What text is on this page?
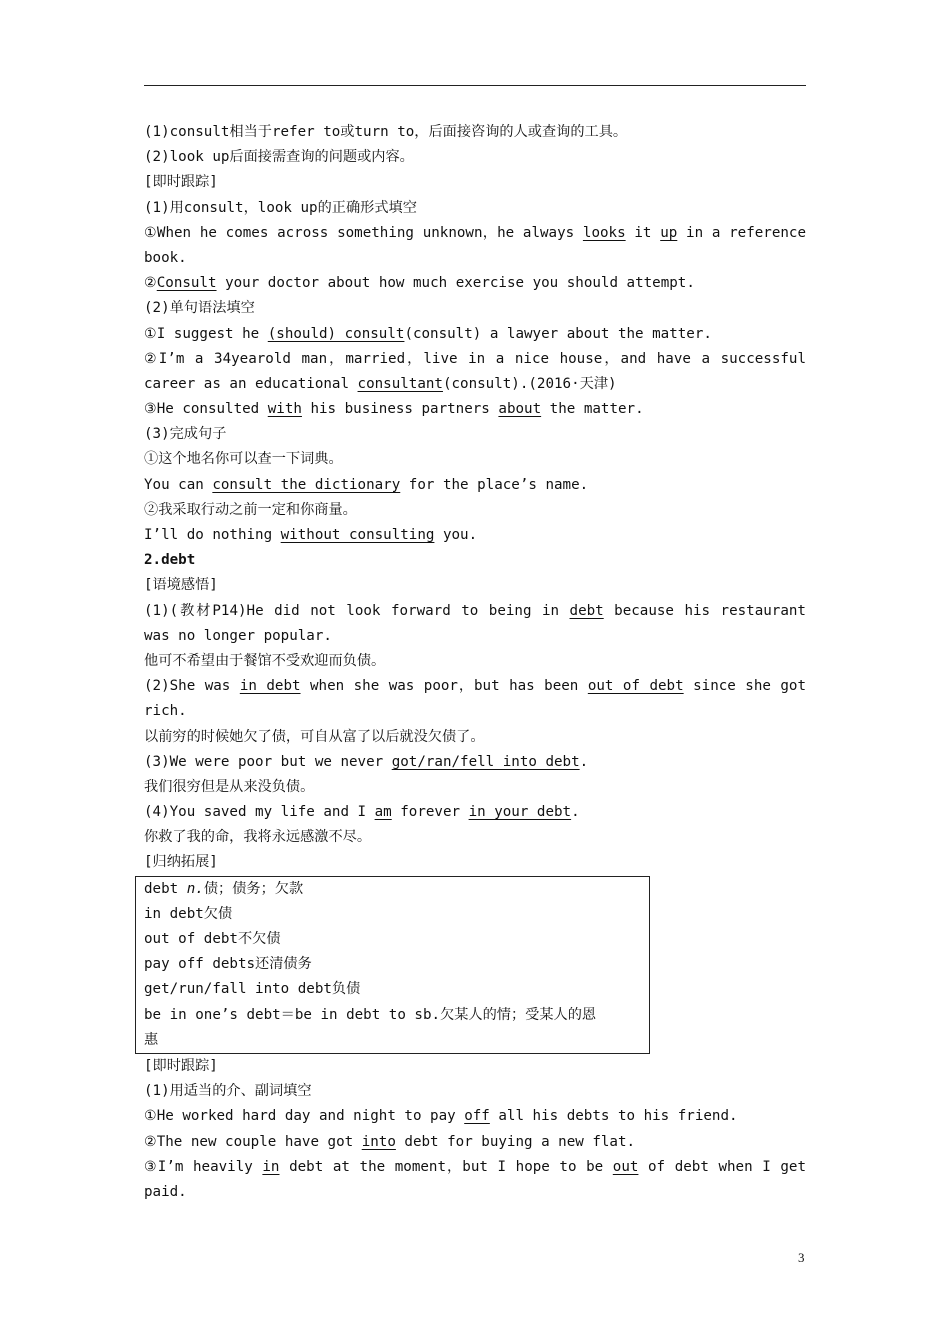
(1)consult相当于refer to或turn to，后面接咨询的人或查询的工具。
(2)look up后面接需查询的问题或内容。
[即时跟踪]
(1)用consult，look up的正确形式填空
①When he comes across something unknown，he always looks it up in a reference
book.
②Consult your doctor about how much exercise you should attempt.
(2)单句语法填空
①I suggest he (should) consult(consult) a lawyer about the matter.
②I’m a 34yearold man，married，live in a nice house，and have a successful
career as an educational consultant(consult).(2016·天津)
③He consulted with his business partners about the matter.
(3)完成句子
①这个地名你可以查一下词典。
You can consult the dictionary for the place’s name.
②我采取行动之前一定和你商量。
I’ll do nothing without consulting you.
2.debt
[语境感悟]
(1)(教材P14)He did not look forward to being in debt because his restaurant
was no longer popular.
他可不希望由于餐馆不受欢迎而负债。
(2)She was in debt when she was poor，but has been out of debt since she got
rich.
以前穷的时候她欠了债，可自从富了以后就没欠债了。
(3)We were poor but we never got/ran/fell into debt.
我们很穷但是从来没负债。
(4)You saved my life and I am forever in your debt.
你救了我的命，我将永远感激不尽。
[归纳拓展]
debt n.债；债务；欠款
in debt欠债
out of debt不欠债
pay off debts还清债务
get/run/fall into debt负债
be in one’s debt＝be in debt to sb.欠某人的情；受某人的恩
惠
[即时跟踪]
(1)用适当的介、副词填空
①He worked hard day and night to pay off all his debts to his friend.
②The new couple have got into debt for buying a new flat.
③I’m heavily in debt at the moment，but I hope to be out of debt when I get
paid.
3
